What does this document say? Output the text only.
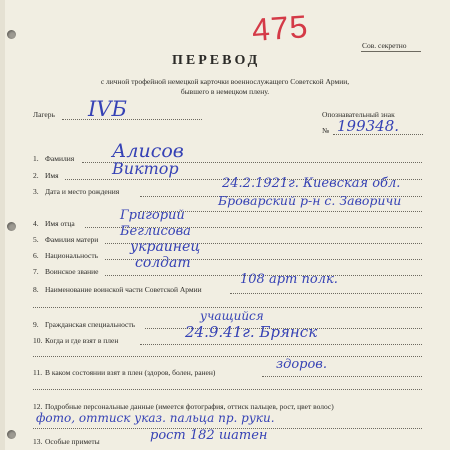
ПЕРЕВОД
475	Сов. секретно
с личной трофейной немецкой карточки военнослужащего Советской Армии,
бывшего в немецком плену.
Лагерь IVБ	Опознавательный знак
№ 199348.
1. Фамилия Алисов
2. Имя	Виктор
3. Дата и место рождения
24.2.1921г. Киевская обл.
Броварский р-н с. Заворичи
4. Имя отца
Григорий
5. Фамилия матери
Беглисова
6. Национальность
украинец
7. Воинское звание
солдат
8. Наименование воинской части Советской Армии
108 арт полк.
9. Гражданская специальность
учащийся
10. Когда и где взят в плен	24.9.41г. Брянск
11. В каком состоянии взят в плен (здоров, болен, ранен)
здоров.
12. Подробные персональные данные (имеется фотография, оттиск пальцев, рост, цвет волос)
фото, оттиск указ. пальца пр. руки.
13. Особые приметы	рост 182 шатен
